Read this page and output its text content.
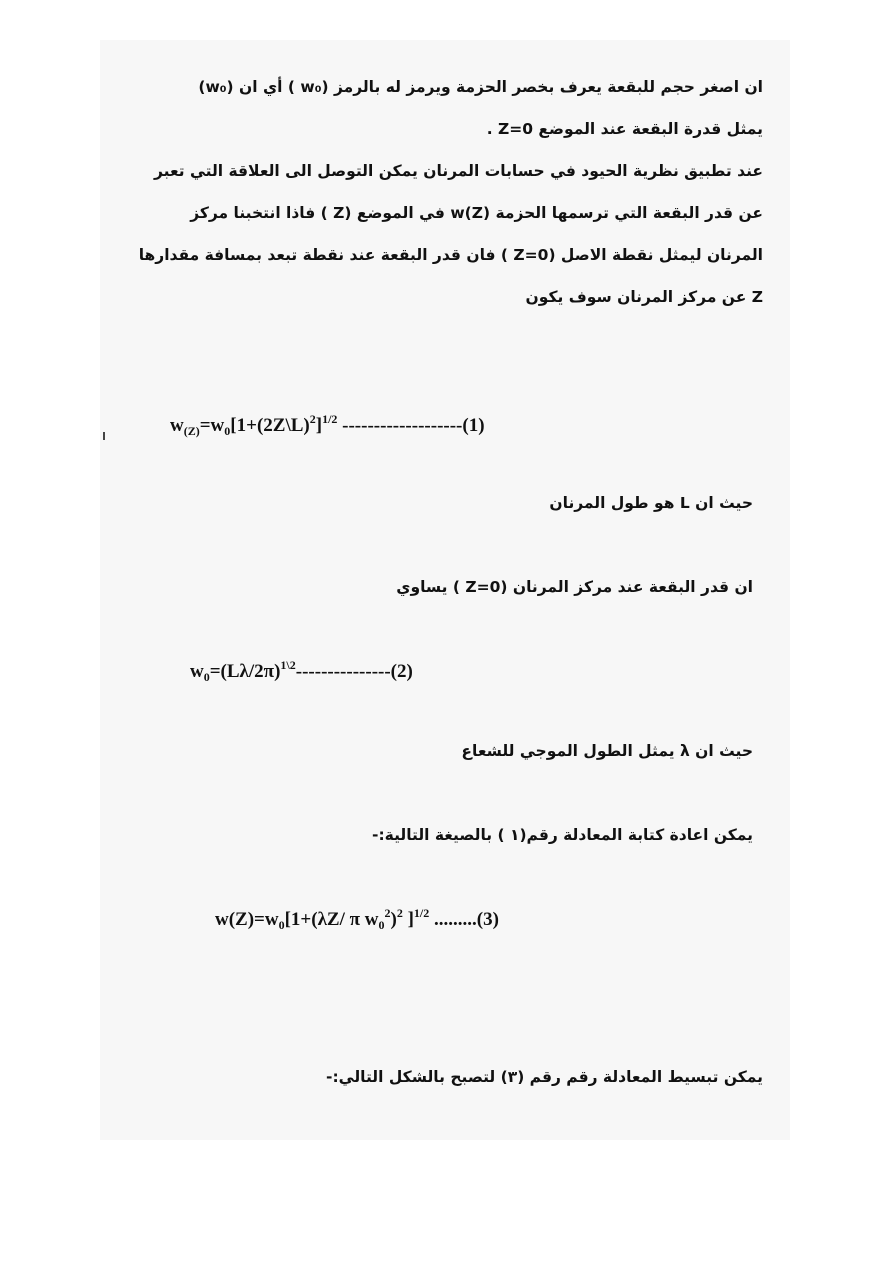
ان اصغر حجم للبقعة يعرف بخصر الحزمة ويرمز له بالرمز (w₀ ) أي ان (w₀)

يمثل قدرة البقعة عند الموضع Z=0 .

عند تطبيق نظرية الحيود في حسابات المرنان يمكن التوصل الى العلاقة التي تعبر

عن قدر البقعة التي ترسمها الحزمة w(Z) في الموضع (Z ) فاذا انتخبنا مركز

المرنان ليمثل نقطة الاصل (Z=0 ) فان قدر البقعة عند نقطة تبعد بمسافة مقدارها

Z عن مركز المرنان سوف يكون

$w_{(Z)}=w_0[1+(2Z\backslash L)^2]^{1/2}$ -------------------(1)
حيث ان L هو طول المرنان
ان قدر البقعة عند مركز المرنان (Z=0 ) يساوي
$w_0=(L\lambda/2\pi)^{1\backslash 2}---------------(2)$
حيث ان λ يمثل الطول الموجي للشعاع
يمكن اعادة كتابة المعادلة رقم(١ ) بالصيغة التالية:-
$w(Z)=w_0[1+(\lambda Z/$ π $w_0^2)^2$ ]$^{1/2}$ .........(3)
يمكن تبسيط المعادلة رقم رقم (٣) لتصبح بالشكل التالي:-
